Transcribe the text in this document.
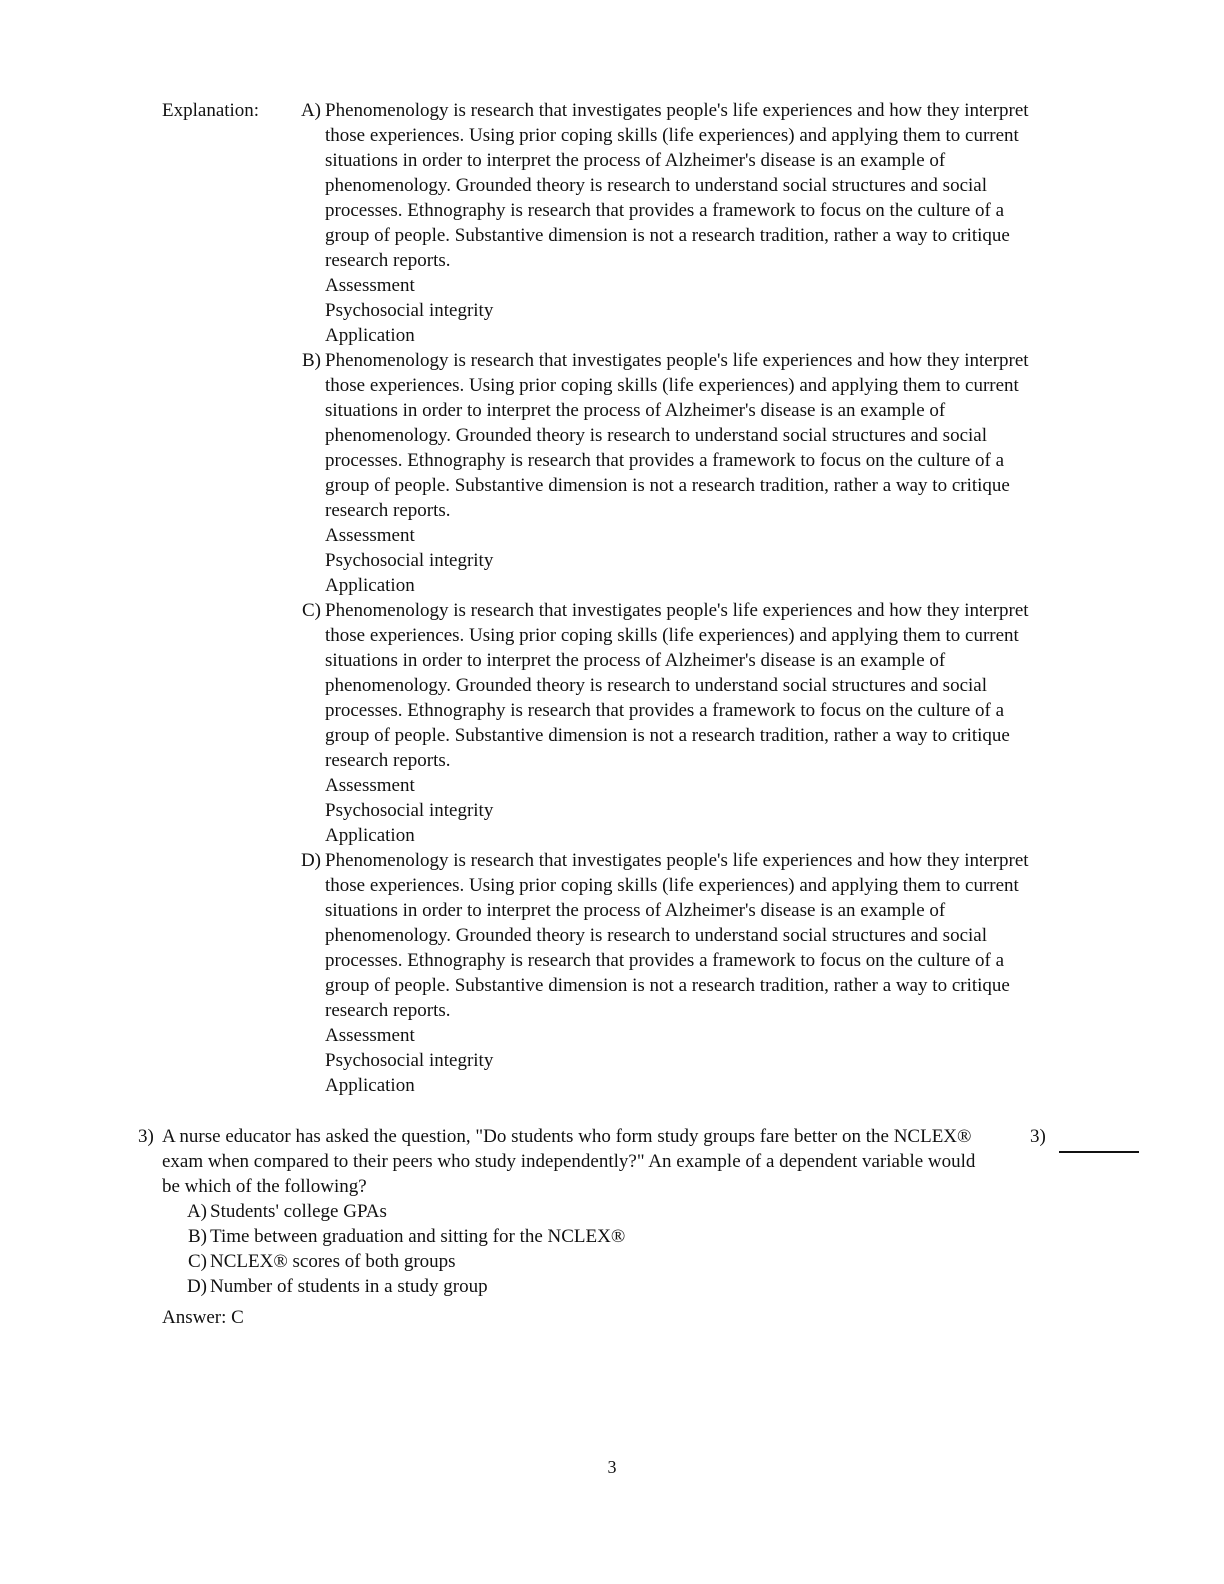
Explanation: A) Phenomenology is research that investigates people's life experiences and how they interpret those experiences. Using prior coping skills (life experiences) and applying them to current situations in order to interpret the process of Alzheimer's disease is an example of phenomenology. Grounded theory is research to understand social structures and social processes. Ethnography is research that provides a framework to focus on the culture of a group of people. Substantive dimension is not a research tradition, rather a way to critique research reports.
Assessment
Psychosocial integrity
Application
B) Phenomenology is research that investigates people's life experiences and how they interpret those experiences. Using prior coping skills (life experiences) and applying them to current situations in order to interpret the process of Alzheimer's disease is an example of phenomenology. Grounded theory is research to understand social structures and social processes. Ethnography is research that provides a framework to focus on the culture of a group of people. Substantive dimension is not a research tradition, rather a way to critique research reports.
Assessment
Psychosocial integrity
Application
C) Phenomenology is research that investigates people's life experiences and how they interpret those experiences. Using prior coping skills (life experiences) and applying them to current situations in order to interpret the process of Alzheimer's disease is an example of phenomenology. Grounded theory is research to understand social structures and social processes. Ethnography is research that provides a framework to focus on the culture of a group of people. Substantive dimension is not a research tradition, rather a way to critique research reports.
Assessment
Psychosocial integrity
Application
D) Phenomenology is research that investigates people's life experiences and how they interpret those experiences. Using prior coping skills (life experiences) and applying them to current situations in order to interpret the process of Alzheimer's disease is an example of phenomenology. Grounded theory is research to understand social structures and social processes. Ethnography is research that provides a framework to focus on the culture of a group of people. Substantive dimension is not a research tradition, rather a way to critique research reports.
Assessment
Psychosocial integrity
Application
3) A nurse educator has asked the question, "Do students who form study groups fare better on the NCLEX® exam when compared to their peers who study independently?" An example of a dependent variable would be which of the following?
A) Students' college GPAs
B) Time between graduation and sitting for the NCLEX®
C) NCLEX® scores of both groups
D) Number of students in a study group
Answer: C
3)
3
